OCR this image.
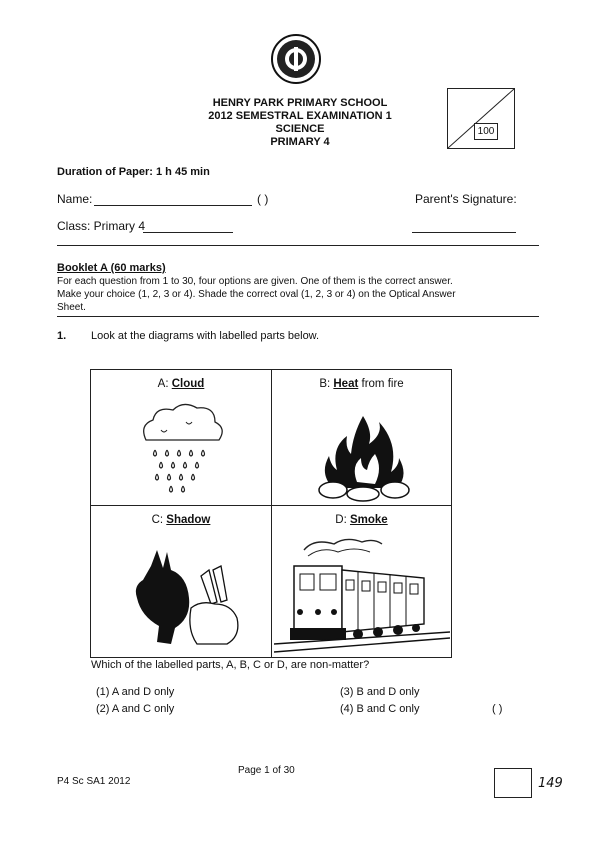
HENRY PARK PRIMARY SCHOOL
2012 SEMESTRAL EXAMINATION 1
SCIENCE
PRIMARY 4
100
Duration of Paper: 1 h 45 min
Name:	( )	Parent's Signature:
Class: Primary 4
Booklet A (60 marks)
For each question from 1 to 30, four options are given. One of them is the correct answer.
Make your choice (1, 2, 3 or 4). Shade the correct oval (1, 2, 3 or 4) on the Optical Answer
Sheet.
1. Look at the diagrams with labelled parts below.
A: Cloud	B: Heat from fire
C: Shadow	D: Smoke
Which of the labelled parts, A, B, C or D, are non-matter?
(1) A and D only	(3) B and D only
(2) A and C only	(4) B and C only	( )
Page 1 of 30
P4 Sc SA1 2012	149
